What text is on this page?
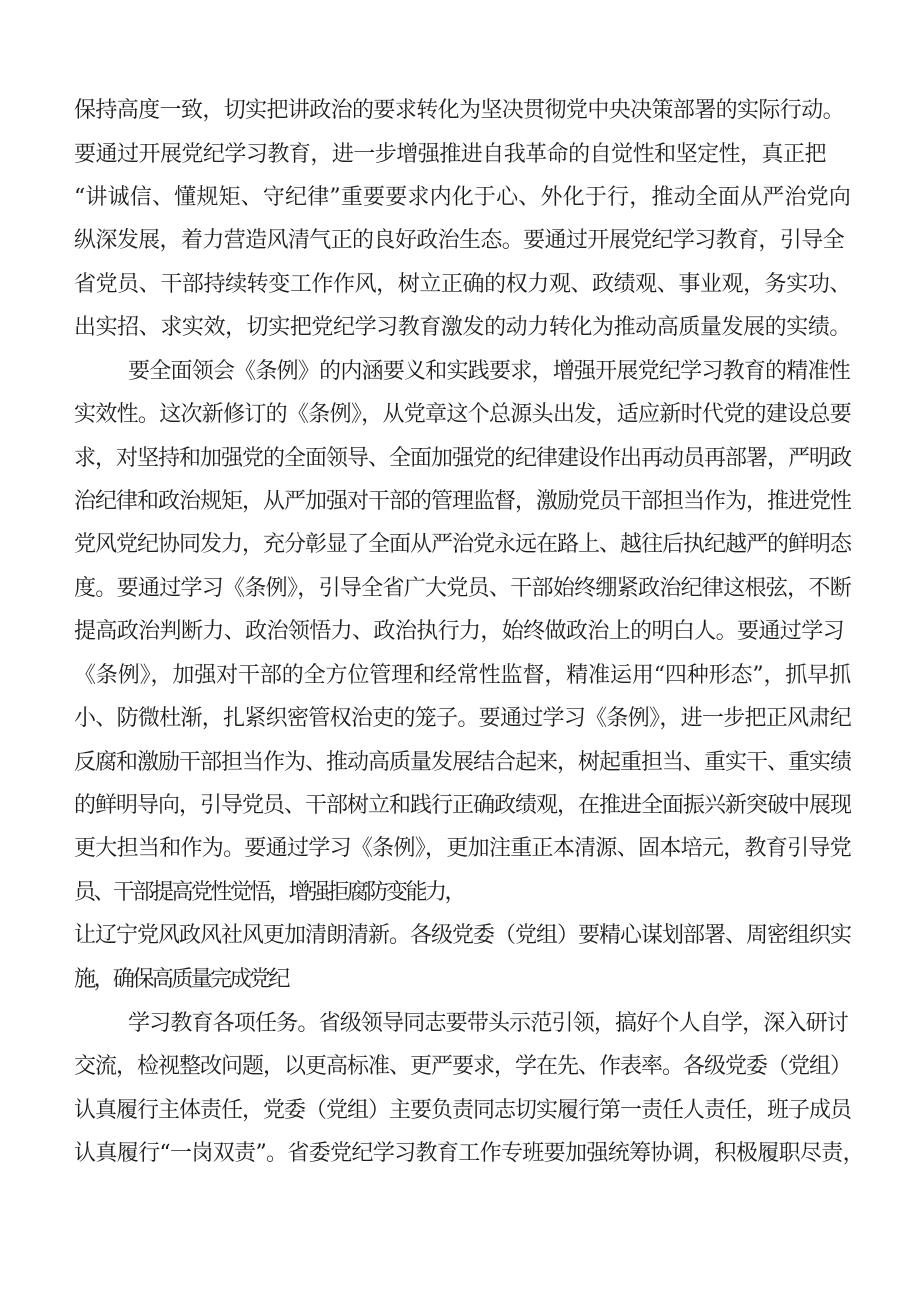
保持高度一致，切实把讲政治的要求转化为坚决贯彻党中央决策部署的实际行动。
要通过开展党纪学习教育，进一步增强推进自我革命的自觉性和坚定性，真正把
“讲诚信、懂规矩、守纪律”重要要求内化于心、外化于行，推动全面从严治党向
纵深发展，着力营造风清气正的良好政治生态。要通过开展党纪学习教育，引导全
省党员、干部持续转变工作作风，树立正确的权力观、政绩观、事业观，务实功、
出实招、求实效，切实把党纪学习教育激发的动力转化为推动高质量发展的实绩。
要全面领会《条例》的内涵要义和实践要求，增强开展党纪学习教育的精准性
实效性。这次新修订的《条例》，从党章这个总源头出发，适应新时代党的建设总要
求，对坚持和加强党的全面领导、全面加强党的纪律建设作出再动员再部署，严明政
治纪律和政治规矩，从严加强对干部的管理监督，激励党员干部担当作为，推进党性
党风党纪协同发力，充分彰显了全面从严治党永远在路上、越往后执纪越严的鲜明态
度。要通过学习《条例》，引导全省广大党员、干部始终绷紧政治纪律这根弦，不断
提高政治判断力、政治领悟力、政治执行力，始终做政治上的明白人。要通过学习
《条例》，加强对干部的全方位管理和经常性监督，精准运用“四种形态”，抓早抓
小、防微杜渐，扎紧织密管权治吏的笼子。要通过学习《条例》，进一步把正风肃纪
反腐和激励干部担当作为、推动高质量发展结合起来，树起重担当、重实干、重实绩
的鲜明导向，引导党员、干部树立和践行正确政绩观，在推进全面振兴新突破中展现
更大担当和作为。要通过学习《条例》，更加注重正本清源、固本培元，教育引导党
员、干部提高党性觉悟，增强拒腐防变能力，
让辽宁党风政风社风更加清朗清新。各级党委（党组）要精心谋划部署、周密组织实
施，确保高质量完成党纪
学习教育各项任务。省级领导同志要带头示范引领，搞好个人自学，深入研讨
交流，检视整改问题，以更高标准、更严要求，学在先、作表率。各级党委（党组）
认真履行主体责任，党委（党组）主要负责同志切实履行第一责任人责任，班子成员
认真履行“一岗双责”。省委党纪学习教育工作专班要加强统筹协调，积极履职尽责，
